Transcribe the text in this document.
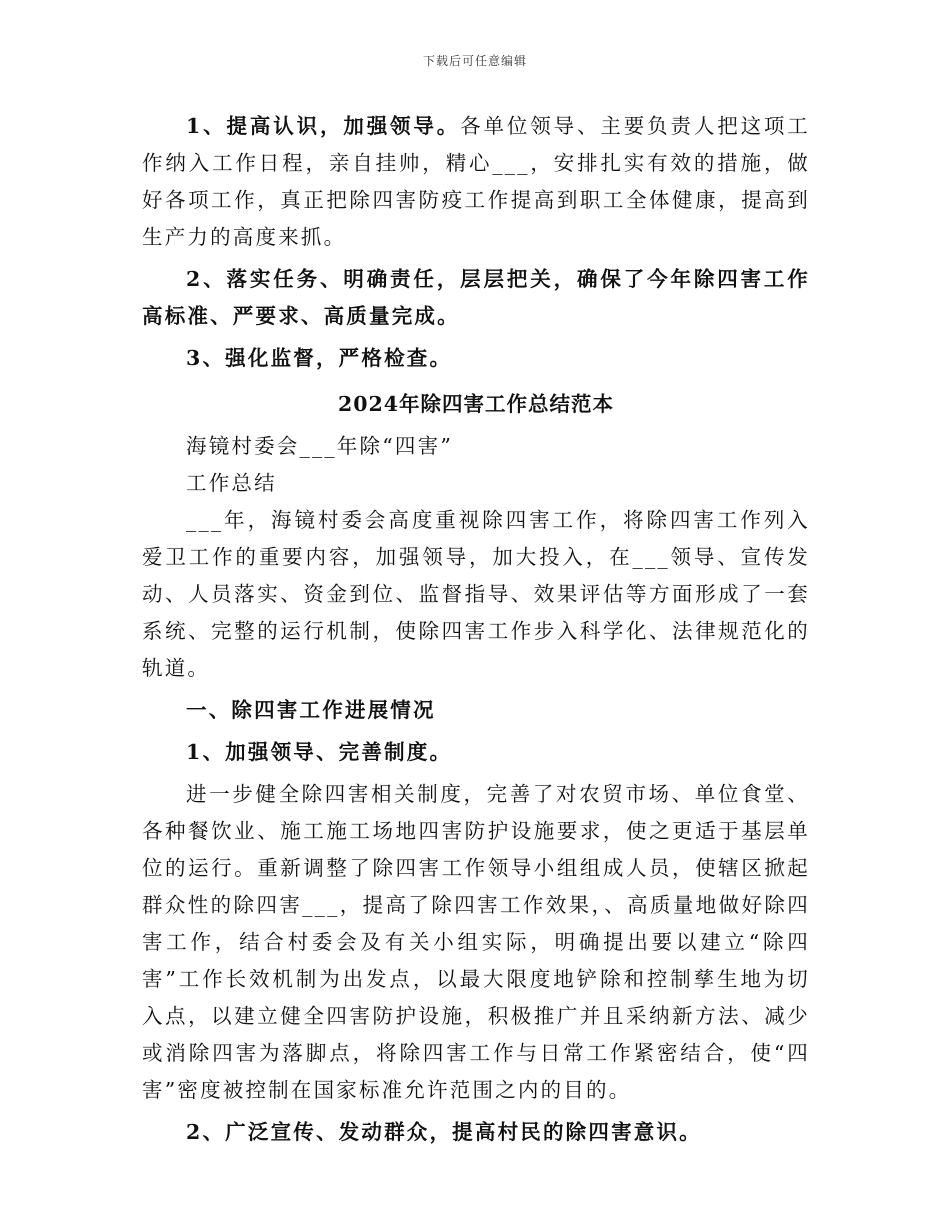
下载后可任意编辑

1、提高认识，加强领导。各单位领导、主要负责人把这项工作纳入工作日程，亲自挂帅，精心___，安排扎实有效的措施，做好各项工作，真正把除四害防疫工作提高到职工全体健康，提高到生产力的高度来抓。

2、落实任务、明确责任，层层把关，确保了今年除四害工作高标准、严要求、高质量完成。

3、强化监督，严格检查。

2024年除四害工作总结范本

海镜村委会___年除“四害”

工作总结

___年，海镜村委会高度重视除四害工作，将除四害工作列入爱卫工作的重要内容，加强领导，加大投入，在___领导、宣传发动、人员落实、资金到位、监督指导、效果评估等方面形成了一套系统、完整的运行机制，使除四害工作步入科学化、法律规范化的轨道。

一、除四害工作进展情况

1、加强领导、完善制度。

进一步健全除四害相关制度，完善了对农贸市场、单位食堂、各种餐饮业、施工施工场地四害防护设施要求，使之更适于基层单位的运行。重新调整了除四害工作领导小组组成人员，使辖区掀起群众性的除四害___，提高了除四害工作效果，、高质量地做好除四害工作，结合村委会及有关小组实际，明确提出要以建立“除四害”工作长效机制为出发点，以最大限度地铲除和控制孳生地为切入点，以建立健全四害防护设施，积极推广并且采纳新方法、减少或消除四害为落脚点，将除四害工作与日常工作紧密结合，使“四害”密度被控制在国家标准允许范围之内的目的。

2、广泛宣传、发动群众，提高村民的除四害意识。
